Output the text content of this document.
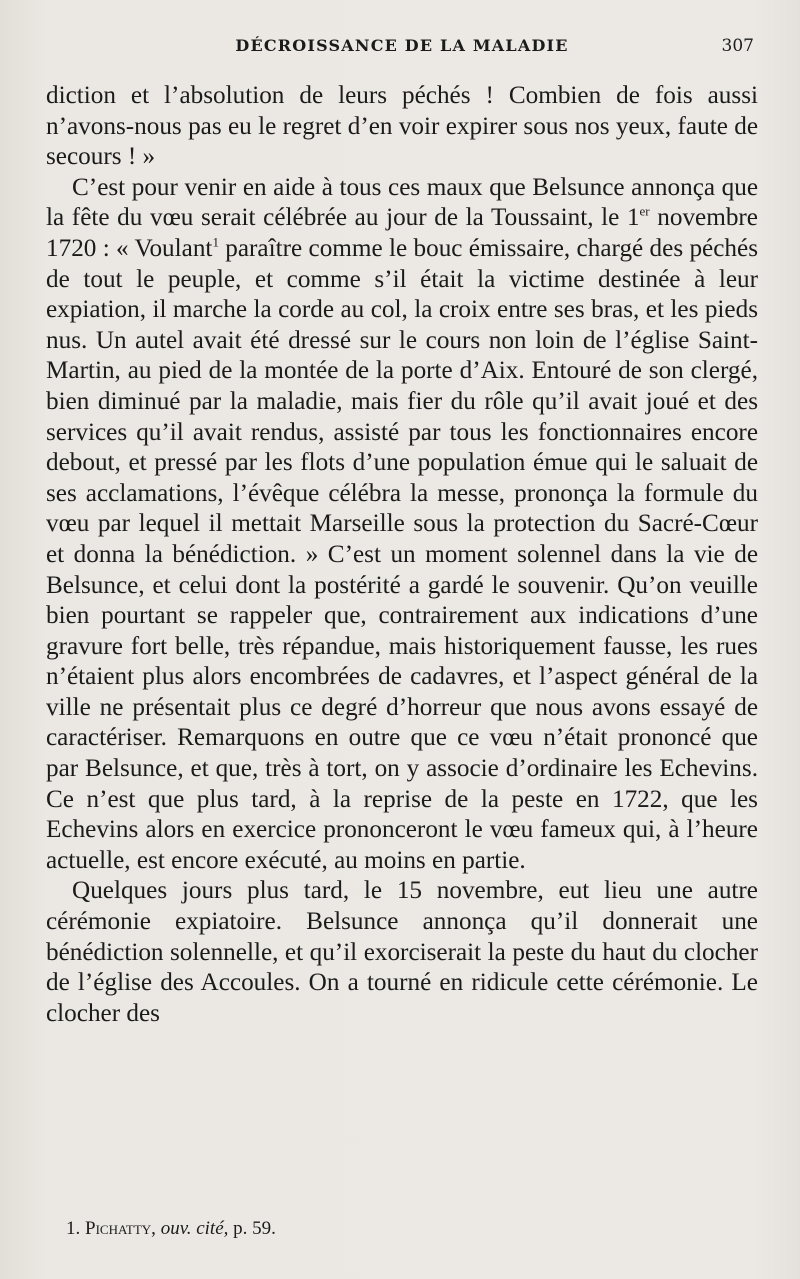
DÉCROISSANCE DE LA MALADIE	307

diction et l’absolution de leurs péchés ! Combien de fois aussi n’avons-nous pas eu le regret d’en voir expirer sous nos yeux, faute de secours ! »

C’est pour venir en aide à tous ces maux que Belsunce annonça que la fête du vœu serait célébrée au jour de la Toussaint, le 1er novembre 1720 : « Voulant$^1$ paraître comme le bouc émissaire, chargé des péchés de tout le peuple, et comme s’il était la victime destinée à leur expiation, il marche la corde au col, la croix entre ses bras, et les pieds nus. Un autel avait été dressé sur le cours non loin de l’église Saint-Martin, au pied de la montée de la porte d’Aix. Entouré de son clergé, bien diminué par la maladie, mais fier du rôle qu’il avait joué et des services qu’il avait rendus, assisté par tous les fonctionnaires encore debout, et pressé par les flots d’une population émue qui le saluait de ses acclamations, l’évêque célébra la messe, prononça la formule du vœu par lequel il mettait Marseille sous la protection du Sacré-Cœur et donna la bénédiction. » C’est un moment solennel dans la vie de Belsunce, et celui dont la postérité a gardé le souvenir. Qu’on veuille bien pourtant se rappeler que, contrairement aux indications d’une gravure fort belle, très répandue, mais historiquement fausse, les rues n’étaient plus alors encombrées de cadavres, et l’aspect général de la ville ne présentait plus ce degré d’horreur que nous avons essayé de caractériser. Remarquons en outre que ce vœu n’était prononcé que par Belsunce, et que, très à tort, on y associe d’ordinaire les Echevins. Ce n’est que plus tard, à la reprise de la peste en 1722, que les Echevins alors en exercice prononceront le vœu fameux qui, à l’heure actuelle, est encore exécuté, au moins en partie.

Quelques jours plus tard, le 15 novembre, eut lieu une autre cérémonie expiatoire. Belsunce annonça qu’il donnerait une bénédiction solennelle, et qu’il exorciserait la peste du haut du clocher de l’église des Accoules. On a tourné en ridicule cette cérémonie. Le clocher des

1. Pichatty, ouv. cité, p. 59.
